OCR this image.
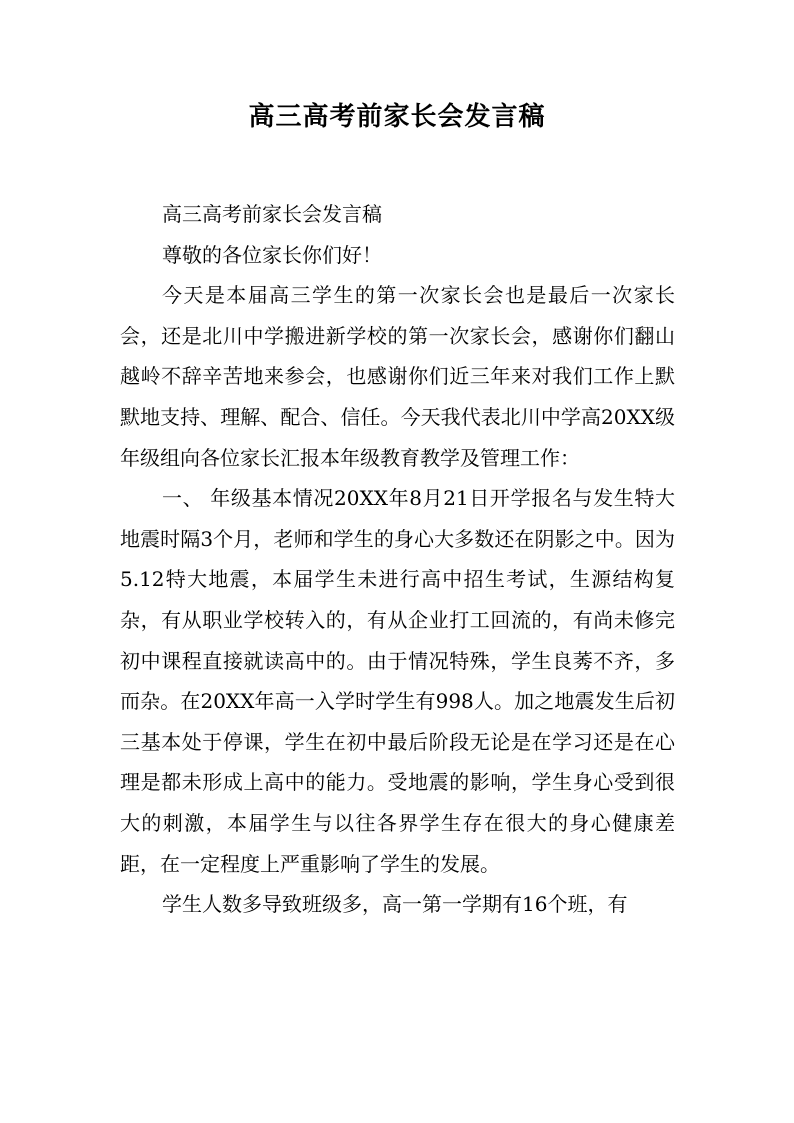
高三高考前家长会发言稿

高三高考前家长会发言稿

尊敬的各位家长你们好！

今天是本届高三学生的第一次家长会也是最后一次家长会，还是北川中学搬进新学校的第一次家长会，感谢你们翻山越岭不辞辛苦地来参会，也感谢你们近三年来对我们工作上默默地支持、理解、配合、信任。今天我代表北川中学高20XX级年级组向各位家长汇报本年级教育教学及管理工作：

一、 年级基本情况20XX年8月21日开学报名与发生特大地震时隔3个月，老师和学生的身心大多数还在阴影之中。因为5.12特大地震，本届学生未进行高中招生考试，生源结构复杂，有从职业学校转入的，有从企业打工回流的，有尚未修完初中课程直接就读高中的。由于情况特殊，学生良莠不齐，多而杂。在20XX年高一入学时学生有998人。加之地震发生后初三基本处于停课，学生在初中最后阶段无论是在学习还是在心理是都未形成上高中的能力。受地震的影响，学生身心受到很大的刺激，本届学生与以往各界学生存在很大的身心健康差距，在一定程度上严重影响了学生的发展。

学生人数多导致班级多，高一第一学期有16个班，有
